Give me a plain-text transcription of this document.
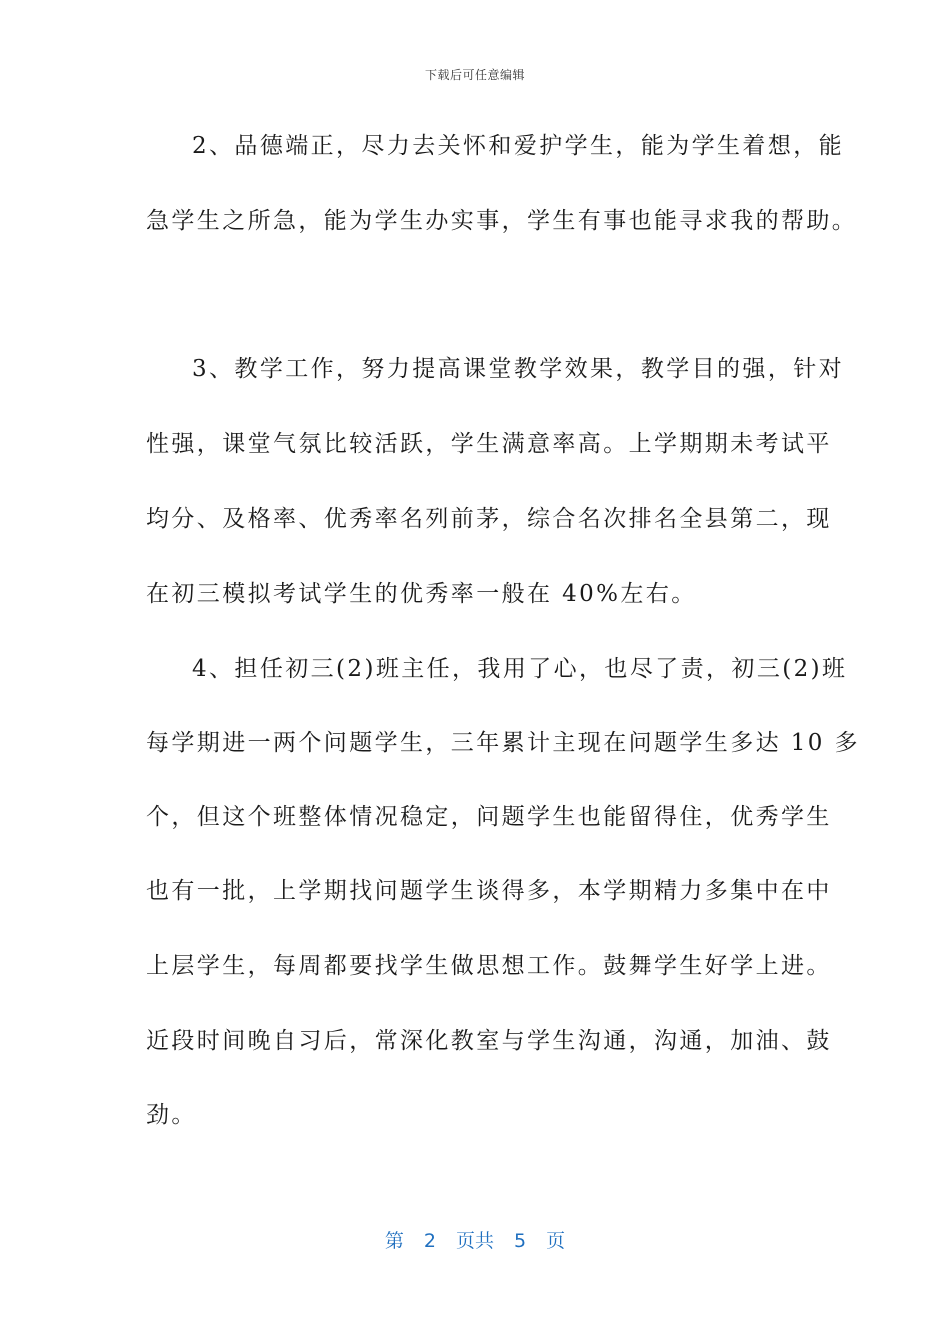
下载后可任意编辑
2、品德端正，尽力去关怀和爱护学生，能为学生着想，能
急学生之所急，能为学生办实事，学生有事也能寻求我的帮助。
3、教学工作，努力提高课堂教学效果，教学目的强，针对
性强，课堂气氛比较活跃，学生满意率高。上学期期未考试平
均分、及格率、优秀率名列前茅，综合名次排名全县第二，现
在初三模拟考试学生的优秀率一般在 40%左右。
4、担任初三(2)班主任，我用了心，也尽了责，初三(2)班
每学期进一两个问题学生，三年累计主现在问题学生多达 10 多
个，但这个班整体情况稳定，问题学生也能留得住，优秀学生
也有一批，上学期找问题学生谈得多，本学期精力多集中在中
上层学生，每周都要找学生做思想工作。鼓舞学生好学上进。
近段时间晚自习后，常深化教室与学生沟通，沟通，加油、鼓
劲。
第 2 页共 5 页
